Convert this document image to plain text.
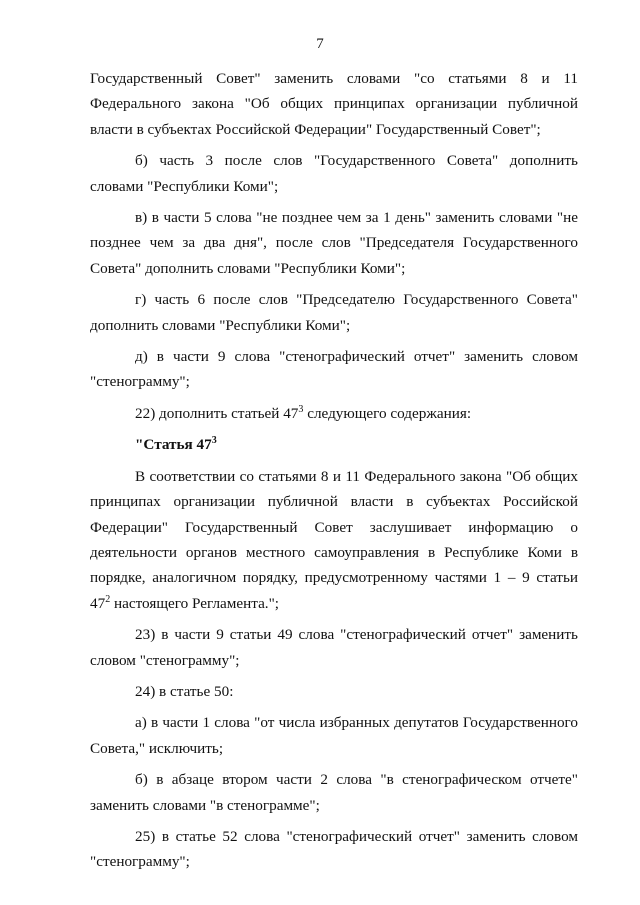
7

Государственный Совет" заменить словами "со статьями 8 и 11 Федерального закона "Об общих принципах организации публичной власти в субъектах Российской Федерации" Государственный Совет";

б) часть 3 после слов "Государственного Совета" дополнить словами "Республики Коми";

в) в части 5 слова "не позднее чем за 1 день" заменить словами "не позднее чем за два дня", после слов "Председателя Государственного Совета" дополнить словами "Республики Коми";

г) часть 6 после слов "Председателю Государственного Совета" дополнить словами "Республики Коми";

д) в части 9 слова "стенографический отчет" заменить словом "стенограмму";

22) дополнить статьей $47^3$ следующего содержания:

"Статья $47^3$

В соответствии со статьями 8 и 11 Федерального закона "Об общих принципах организации публичной власти в субъектах Российской Федерации" Государственный Совет заслушивает информацию о деятельности органов местного самоуправления в Республике Коми в порядке, аналогичном порядку, предусмотренному частями 1 – 9 статьи $47^2$ настоящего Регламента.";

23) в части 9 статьи 49 слова "стенографический отчет" заменить словом "стенограмму";

24) в статье 50:

а) в части 1 слова "от числа избранных депутатов Государственного Совета," исключить;

б) в абзаце втором части 2 слова "в стенографическом отчете" заменить словами "в стенограмме";

25) в статье 52 слова "стенографический отчет" заменить словом "стенограмму";
